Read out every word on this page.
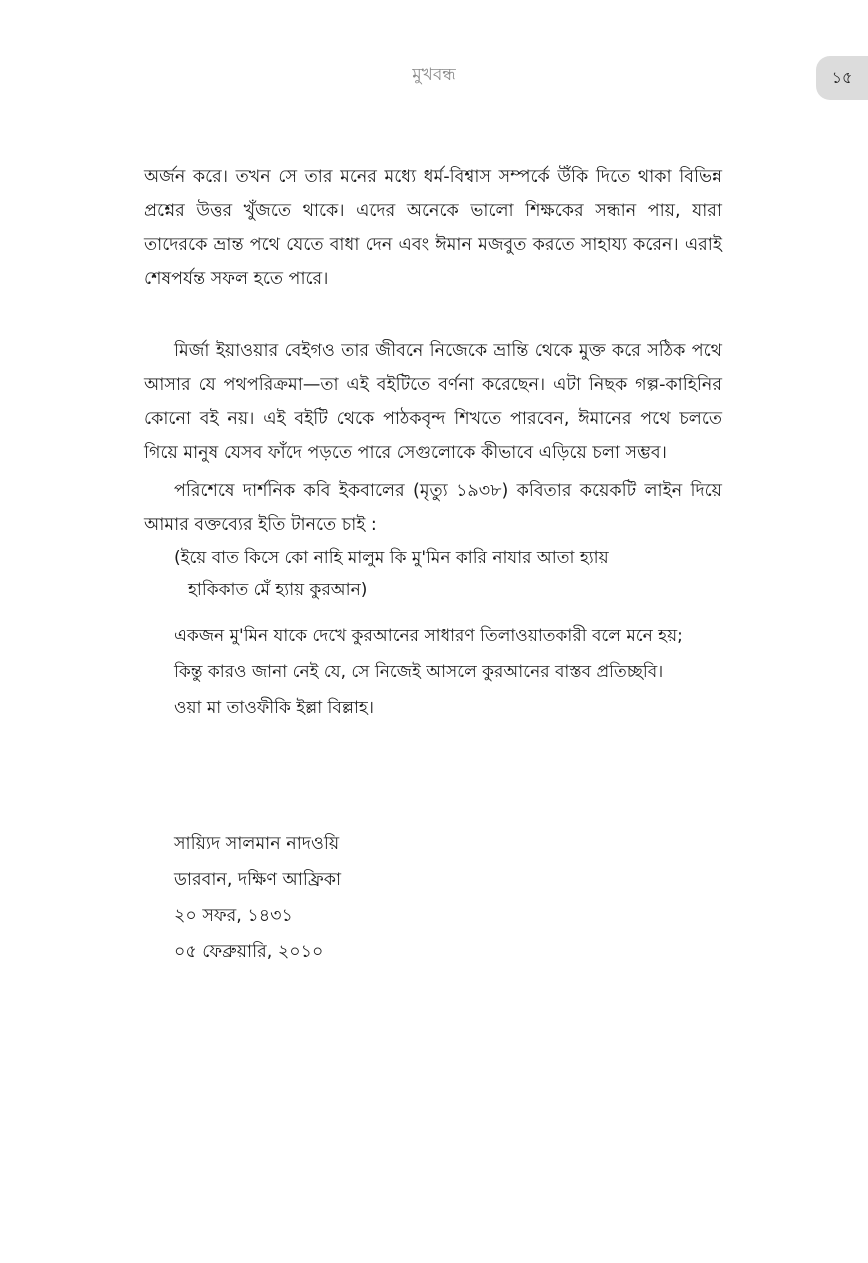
মুখবন্ধ	১৫

অর্জন করে। তখন সে তার মনের মধ্যে ধর্ম-বিশ্বাস সম্পর্কে উঁকি দিতে থাকা বিভিন্ন প্রশ্নের উত্তর খুঁজতে থাকে। এদের অনেকে ভালো শিক্ষকের সন্ধান পায়, যারা তাদেরকে ভ্রান্ত পথে যেতে বাধা দেন এবং ঈমান মজবুত করতে সাহায্য করেন। এরাই শেষপর্যন্ত সফল হতে পারে।

মির্জা ইয়াওয়ার বেইগও তার জীবনে নিজেকে ভ্রান্তি থেকে মুক্ত করে সঠিক পথে আসার যে পথপরিক্রমা—তা এই বইটিতে বর্ণনা করেছেন। এটা নিছক গল্প-কাহিনির কোনো বই নয়। এই বইটি থেকে পাঠকবৃন্দ শিখতে পারবেন, ঈমানের পথে চলতে গিয়ে মানুষ যেসব ফাঁদে পড়তে পারে সেগুলোকে কীভাবে এড়িয়ে চলা সম্ভব।

পরিশেষে দার্শনিক কবি ইকবালের (মৃত্যু ১৯৩৮) কবিতার কয়েকটি লাইন দিয়ে আমার বক্তব্যের ইতি টানতে চাই :

(ইয়ে বাত কিসে কো নাহি মালুম কি মু'মিন কারি নাযার আতা হ্যায়
হাকিকাত মেঁ হ্যায় কুরআন)
একজন মু'মিন যাকে দেখে কুরআনের সাধারণ তিলাওয়াতকারী বলে মনে হয়;
কিন্তু কারও জানা নেই যে, সে নিজেই আসলে কুরআনের বাস্তব প্রতিচ্ছবি।
ওয়া মা তাওফীকি ইল্লা বিল্লাহ।
সায়্যিদ সালমান নাদওয়ি
ডারবান, দক্ষিণ আফ্রিকা
২০ সফর, ১৪৩১
০৫ ফেব্রুয়ারি, ২০১০
